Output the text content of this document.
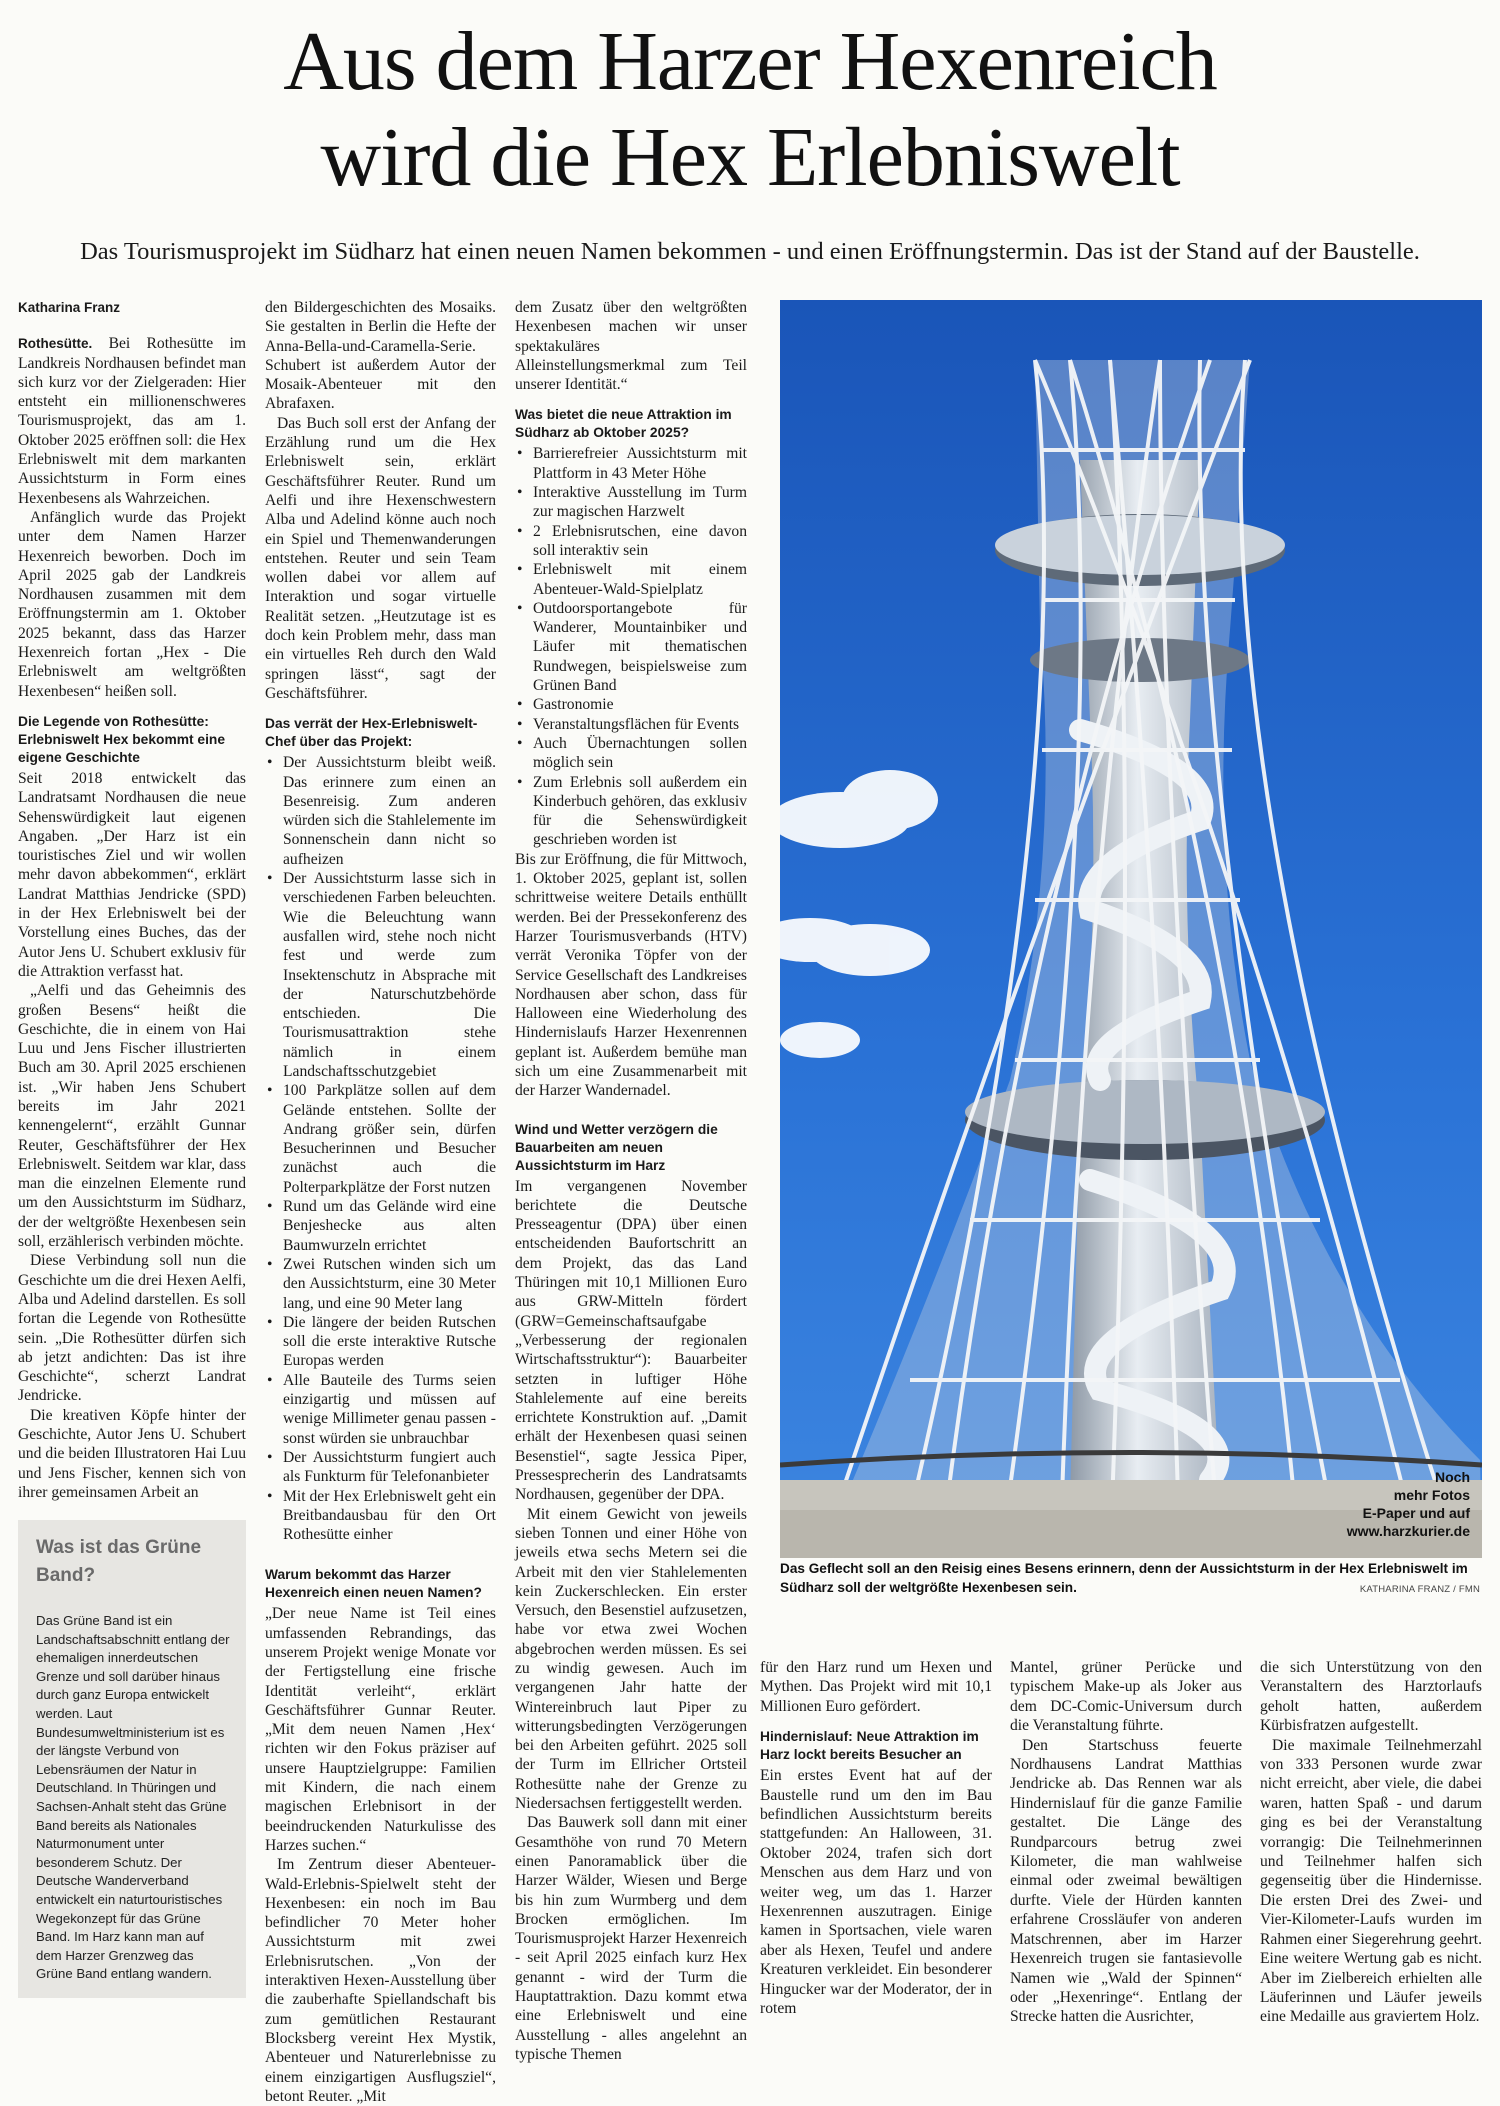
Aus dem Harzer Hexenreich
wird die Hex Erlebniswelt
Das Tourismusprojekt im Südharz hat einen neuen Namen bekommen - und einen Eröffnungstermin. Das ist der Stand auf der Baustelle.
Katharina Franz

Rothesütte. Bei Rothesütte im Landkreis Nordhausen befindet man sich kurz vor der Zielgeraden: Hier entsteht ein millionenschweres Tourismusprojekt, das am 1. Oktober 2025 eröffnen soll: die Hex Erlebniswelt mit dem markanten Aussichtsturm in Form eines Hexenbesens als Wahrzeichen.

Anfänglich wurde das Projekt unter dem Namen Harzer Hexenreich beworben. Doch im April 2025 gab der Landkreis Nordhausen zusammen mit dem Eröffnungstermin am 1. Oktober 2025 bekannt, dass das Harzer Hexenreich fortan „Hex - Die Erlebniswelt am weltgrößten Hexenbesen“ heißen soll.

Die Legende von Rothesütte: Erlebniswelt Hex bekommt eine eigene Geschichte

Seit 2018 entwickelt das Landratsamt Nordhausen die neue Sehenswürdigkeit laut eigenen Angaben. „Der Harz ist ein touristisches Ziel und wir wollen mehr davon abbekommen“, erklärt Landrat Matthias Jendricke (SPD) in der Hex Erlebniswelt bei der Vorstellung eines Buches, das der Autor Jens U. Schubert exklusiv für die Attraktion verfasst hat.

„Aelfi und das Geheimnis des großen Besens“ heißt die Geschichte, die in einem von Hai Luu und Jens Fischer illustrierten Buch am 30. April 2025 erschienen ist. „Wir haben Jens Schubert bereits im Jahr 2021 kennengelernt“, erzählt Gunnar Reuter, Geschäftsführer der Hex Erlebniswelt. Seitdem war klar, dass man die einzelnen Elemente rund um den Aussichtsturm im Südharz, der der weltgrößte Hexenbesen sein soll, erzählerisch verbinden möchte.

Diese Verbindung soll nun die Geschichte um die drei Hexen Aelfi, Alba und Adelind darstellen. Es soll fortan die Legende von Rothesütte sein. „Die Rothesütter dürfen sich ab jetzt andichten: Das ist ihre Geschichte“, scherzt Landrat Jendricke.

Die kreativen Köpfe hinter der Geschichte, Autor Jens U. Schubert und die beiden Illustratoren Hai Luu und Jens Fischer, kennen sich von ihrer gemeinsamen Arbeit an

Was ist das Grüne Band?

Das Grüne Band ist ein Landschaftsabschnitt entlang der ehemaligen innerdeutschen Grenze und soll darüber hinaus durch ganz Europa entwickelt werden. Laut Bundesumweltministerium ist es der längste Verbund von Lebensräumen der Natur in Deutschland. In Thüringen und Sachsen-Anhalt steht das Grüne Band bereits als Nationales Naturmonument unter besonderem Schutz. Der Deutsche Wanderverband entwickelt ein naturtouristisches Wegekonzept für das Grüne Band. Im Harz kann man auf dem Harzer Grenzweg das Grüne Band entlang wandern.

den Bildergeschichten des Mosaiks. Sie gestalten in Berlin die Hefte der Anna-Bella-und-Caramella-Serie. Schubert ist außerdem Autor der Mosaik-Abenteuer mit den Abrafaxen.

Das Buch soll erst der Anfang der Erzählung rund um die Hex Erlebniswelt sein, erklärt Geschäftsführer Reuter. Rund um Aelfi und ihre Hexenschwestern Alba und Adelind könne auch noch ein Spiel und Themenwanderungen entstehen. Reuter und sein Team wollen dabei vor allem auf Interaktion und sogar virtuelle Realität setzen. „Heutzutage ist es doch kein Problem mehr, dass man ein virtuelles Reh durch den Wald springen lässt“, sagt der Geschäftsführer.

Das verrät der Hex-Erlebniswelt-Chef über das Projekt:
• Der Aussichtsturm bleibt weiß. Das erinnere zum einen an Besenreisig. Zum anderen würden sich die Stahlelemente im Sonnenschein dann nicht so aufheizen
• Der Aussichtsturm lasse sich in verschiedenen Farben beleuchten. Wie die Beleuchtung wann ausfallen wird, stehe noch nicht fest und werde zum Insektenschutz in Absprache mit der Naturschutzbehörde entschieden. Die Tourismusattraktion stehe nämlich in einem Landschaftsschutzgebiet
• 100 Parkplätze sollen auf dem Gelände entstehen. Sollte der Andrang größer sein, dürfen Besucherinnen und Besucher zunächst auch die Polterparkplätze der Forst nutzen
• Rund um das Gelände wird eine Benjeshecke aus alten Baumwurzeln errichtet
• Zwei Rutschen winden sich um den Aussichtsturm, eine 30 Meter lang, und eine 90 Meter lang
• Die längere der beiden Rutschen soll die erste interaktive Rutsche Europas werden
• Alle Bauteile des Turms seien einzigartig und müssen auf wenige Millimeter genau passen - sonst würden sie unbrauchbar
• Der Aussichtsturm fungiert auch als Funkturm für Telefonanbieter
• Mit der Hex Erlebniswelt geht ein Breitbandausbau für den Ort Rothesütte einher
Warum bekommt das Harzer Hexenreich einen neuen Namen?

„Der neue Name ist Teil eines umfassenden Rebrandings, das unserem Projekt wenige Monate vor der Fertigstellung eine frische Identität verleiht“, erklärt Geschäftsführer Gunnar Reuter. „Mit dem neuen Namen ‚Hex‘ richten wir den Fokus präziser auf unsere Hauptzielgruppe: Familien mit Kindern, die nach einem magischen Erlebnisort in der beeindruckenden Naturkulisse des Harzes suchen.“

Im Zentrum dieser Abenteuer-Wald-Erlebnis-Spielwelt steht der Hexenbesen: ein noch im Bau befindlicher 70 Meter hoher Aussichtsturm mit zwei Erlebnisrutschen. „Von der interaktiven Hexen-Ausstellung über die zauberhafte Spiellandschaft bis zum gemütlichen Restaurant Blocksberg vereint Hex Mystik, Abenteuer und Naturerlebnisse zu einem einzigartigen Ausflugsziel“, betont Reuter. „Mit

dem Zusatz über den weltgrößten Hexenbesen machen wir unser spektakuläres Alleinstellungsmerkmal zum Teil unserer Identität.“

Was bietet die neue Attraktion im Südharz ab Oktober 2025?
• Barrierefreier Aussichtsturm mit Plattform in 43 Meter Höhe
• Interaktive Ausstellung im Turm zur magischen Harzwelt
• 2 Erlebnisrutschen, eine davon soll interaktiv sein
• Erlebniswelt mit einem Abenteuer-Wald-Spielplatz
• Outdoorsportangebote für Wanderer, Mountainbiker und Läufer mit thematischen Rundwegen, beispielsweise zum Grünen Band
• Gastronomie
• Veranstaltungsflächen für Events
• Auch Übernachtungen sollen möglich sein
• Zum Erlebnis soll außerdem ein Kinderbuch gehören, das exklusiv für die Sehenswürdigkeit geschrieben worden ist

Bis zur Eröffnung, die für Mittwoch, 1. Oktober 2025, geplant ist, sollen schrittweise weitere Details enthüllt werden. Bei der Pressekonferenz des Harzer Tourismusverbands (HTV) verrät Veronika Töpfer von der Service Gesellschaft des Landkreises Nordhausen aber schon, dass für Halloween eine Wiederholung des Hindernislaufs Harzer Hexenrennen geplant ist. Außerdem bemühe man sich um eine Zusammenarbeit mit der Harzer Wandernadel.

Wind und Wetter verzögern die Bauarbeiten am neuen Aussichtsturm im Harz

Im vergangenen November berichtete die Deutsche Presseagentur (DPA) über einen entscheidenden Baufortschritt an dem Projekt, das das Land Thüringen mit 10,1 Millionen Euro aus GRW-Mitteln fördert (GRW=Gemeinschaftsaufgabe „Verbesserung der regionalen Wirtschaftsstruktur“): Bauarbeiter setzten in luftiger Höhe Stahlelemente auf eine bereits errichtete Konstruktion auf. „Damit erhält der Hexenbesen quasi seinen Besenstiel“, sagte Jessica Piper, Pressesprecherin des Landratsamts Nordhausen, gegenüber der DPA.

Mit einem Gewicht von jeweils sieben Tonnen und einer Höhe von jeweils etwa sechs Metern sei die Arbeit mit den vier Stahlelementen kein Zuckerschlecken. Ein erster Versuch, den Besenstiel aufzusetzen, habe vor etwa zwei Wochen abgebrochen werden müssen. Es sei zu windig gewesen. Auch im vergangenen Jahr hatte der Wintereinbruch laut Piper zu witterungsbedingten Verzögerungen bei den Arbeiten geführt. 2025 soll der Turm im Ellricher Ortsteil Rothesütte nahe der Grenze zu Niedersachsen fertiggestellt werden.

Das Bauwerk soll dann mit einer Gesamthöhe von rund 70 Metern einen Panoramablick über die Harzer Wälder, Wiesen und Berge bis hin zum Wurmberg und dem Brocken ermöglichen. Im Tourismusprojekt Harzer Hexenreich - seit April 2025 einfach kurz Hex genannt - wird der Turm die Hauptattraktion. Dazu kommt etwa eine Erlebniswelt und eine Ausstellung - alles angelehnt an typische Themen

Noch
mehr Fotos
E-Paper und auf
www.harzkurier.de
Das Geflecht soll an den Reisig eines Besens erinnern, denn der Aussichtsturm in der Hex Erlebniswelt im Südharz soll der weltgrößte Hexenbesen sein.	KATHARINA FRANZ / FMN

für den Harz rund um Hexen und Mythen. Das Projekt wird mit 10,1 Millionen Euro gefördert.

Hindernislauf: Neue Attraktion im Harz lockt bereits Besucher an

Ein erstes Event hat auf der Baustelle rund um den im Bau befindlichen Aussichtsturm bereits stattgefunden: An Halloween, 31. Oktober 2024, trafen sich dort Menschen aus dem Harz und von weiter weg, um das 1. Harzer Hexenrennen auszutragen. Einige kamen in Sportsachen, viele waren aber als Hexen, Teufel und andere Kreaturen verkleidet. Ein besonderer Hingucker war der Moderator, der in rotem

Mantel, grüner Perücke und typischem Make-up als Joker aus dem DC-Comic-Universum durch die Veranstaltung führte.

Den Startschuss feuerte Nordhausens Landrat Matthias Jendricke ab. Das Rennen war als Hindernislauf für die ganze Familie gestaltet. Die Länge des Rundparcours betrug zwei Kilometer, die man wahlweise einmal oder zweimal bewältigen durfte. Viele der Hürden kannten erfahrene Crossläufer von anderen Matschrennen, aber im Harzer Hexenreich trugen sie fantasievolle Namen wie „Wald der Spinnen“ oder „Hexenringe“. Entlang der Strecke hatten die Ausrichter,

die sich Unterstützung von den Veranstaltern des Harztorlaufs geholt hatten, außerdem Kürbisfratzen aufgestellt.

Die maximale Teilnehmerzahl von 333 Personen wurde zwar nicht erreicht, aber viele, die dabei waren, hatten Spaß - und darum ging es bei der Veranstaltung vorrangig: Die Teilnehmerinnen und Teilnehmer halfen sich gegenseitig über die Hindernisse. Die ersten Drei des Zwei- und Vier-Kilometer-Laufs wurden im Rahmen einer Siegerehrung geehrt. Eine weitere Wertung gab es nicht. Aber im Zielbereich erhielten alle Läuferinnen und Läufer jeweils eine Medaille aus graviertem Holz.
